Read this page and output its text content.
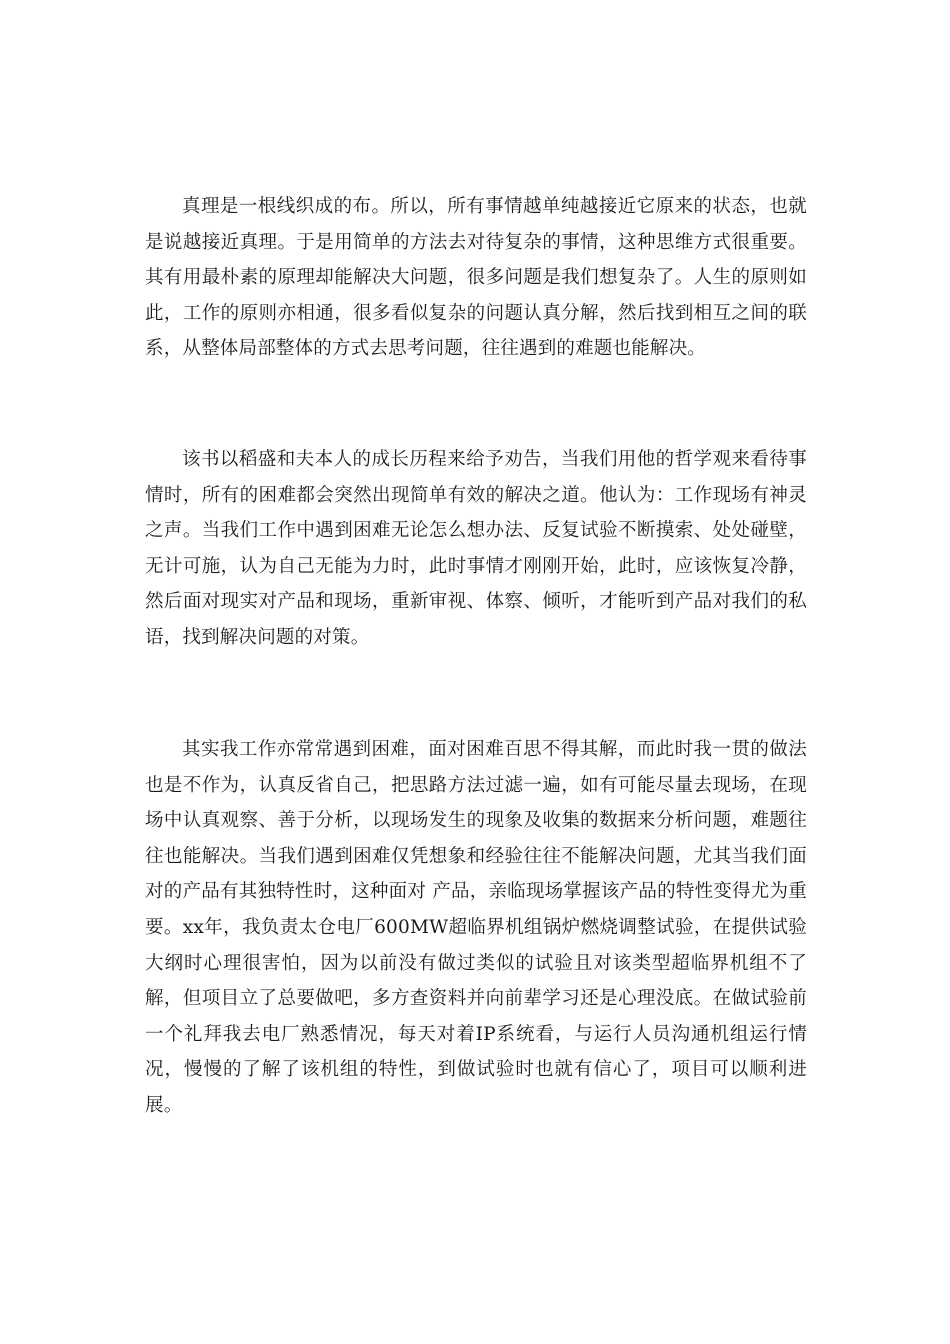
真理是一根线织成的布。所以，所有事情越单纯越接近它原来的状态，也就是说越接近真理。于是用简单的方法去对待复杂的事情，这种思维方式很重要。其有用最朴素的原理却能解决大问题，很多问题是我们想复杂了。人生的原则如此，工作的原则亦相通，很多看似复杂的问题认真分解，然后找到相互之间的联系，从整体局部整体的方式去思考问题，往往遇到的难题也能解决。

该书以稻盛和夫本人的成长历程来给予劝告，当我们用他的哲学观来看待事情时，所有的困难都会突然出现简单有效的解决之道。他认为：工作现场有神灵之声。当我们工作中遇到困难无论怎么想办法、反复试验不断摸索、处处碰壁，无计可施，认为自己无能为力时，此时事情才刚刚开始，此时，应该恢复冷静，然后面对现实对产品和现场，重新审视、体察、倾听，才能听到产品对我们的私语，找到解决问题的对策。

其实我工作亦常常遇到困难，面对困难百思不得其解，而此时我一贯的做法也是不作为，认真反省自己，把思路方法过滤一遍，如有可能尽量去现场，在现场中认真观察、善于分析，以现场发生的现象及收集的数据来分析问题，难题往往也能解决。当我们遇到困难仅凭想象和经验往往不能解决问题，尤其当我们面对的产品有其独特性时，这种面对 产品，亲临现场掌握该产品的特性变得尤为重要。xx年，我负责太仓电厂600MW超临界机组锅炉燃烧调整试验，在提供试验大纲时心理很害怕，因为以前没有做过类似的试验且对该类型超临界机组不了解，但项目立了总要做吧，多方查资料并向前辈学习还是心理没底。在做试验前一个礼拜我去电厂熟悉情况，每天对着IP系统看，与运行人员沟通机组运行情况，慢慢的了解了该机组的特性，到做试验时也就有信心了，项目可以顺利进展。
